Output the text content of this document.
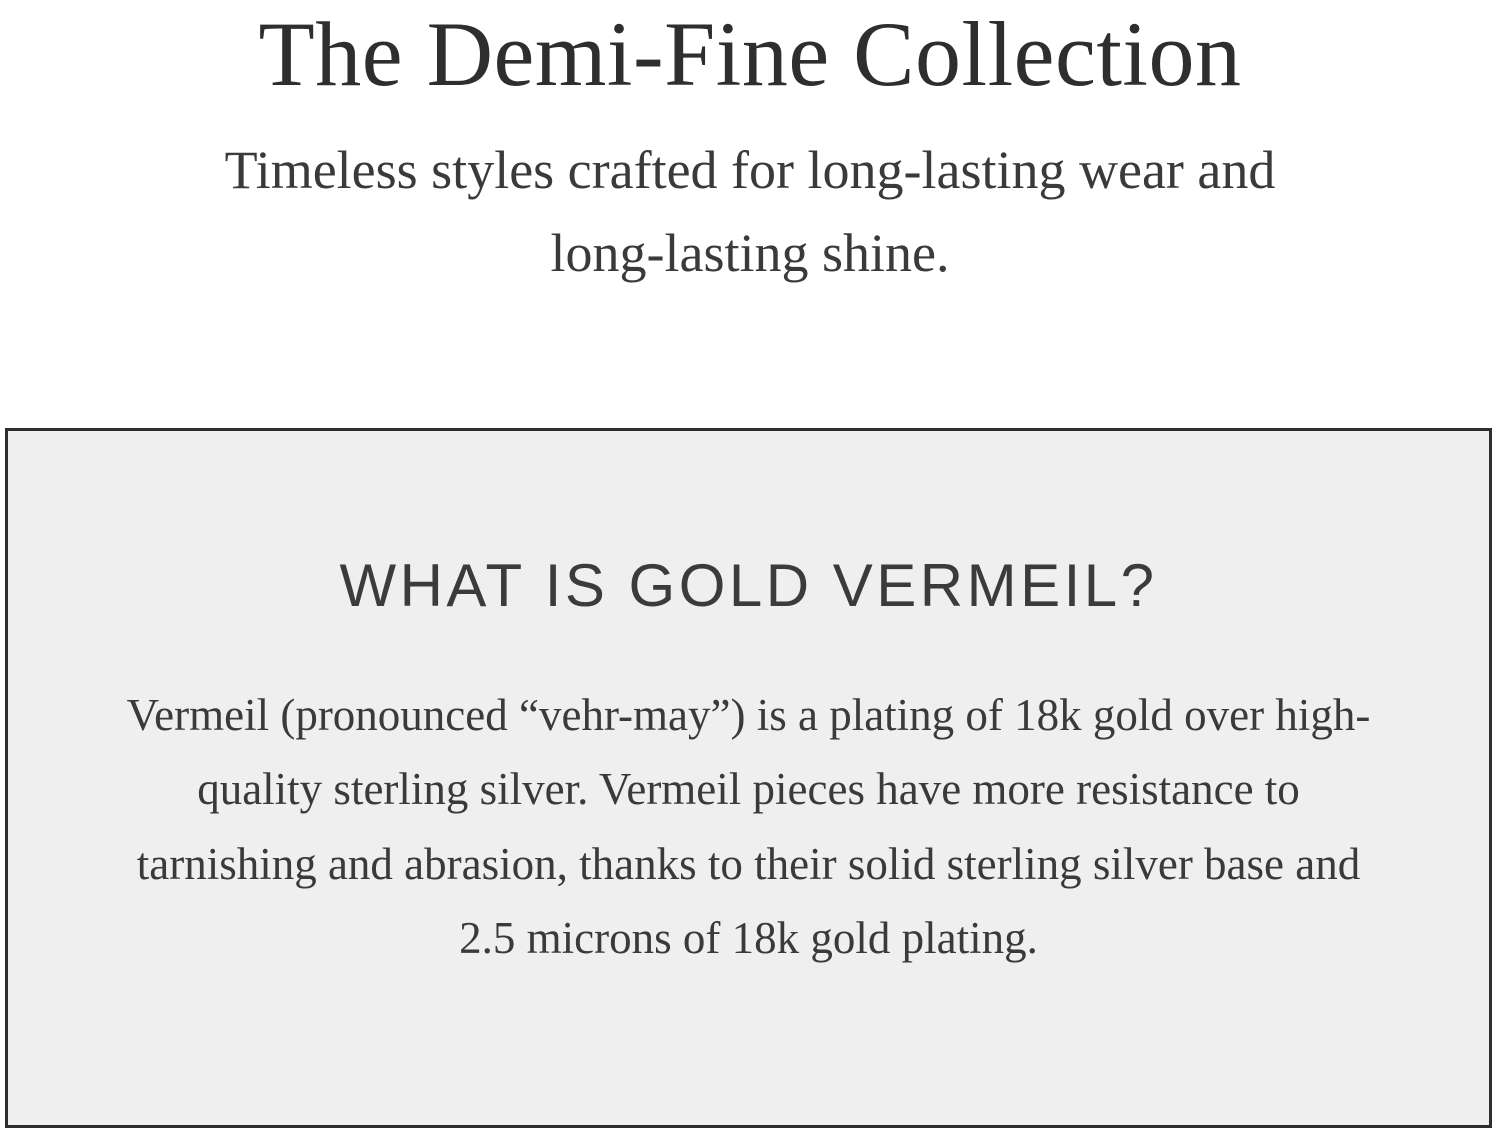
The Demi-Fine Collection

Timeless styles crafted for long-lasting wear and long-lasting shine.

WHAT IS GOLD VERMEIL?

Vermeil (pronounced “vehr-may”) is a plating of 18k gold over high-quality sterling silver. Vermeil pieces have more resistance to tarnishing and abrasion, thanks to their solid sterling silver base and 2.5 microns of 18k gold plating.
